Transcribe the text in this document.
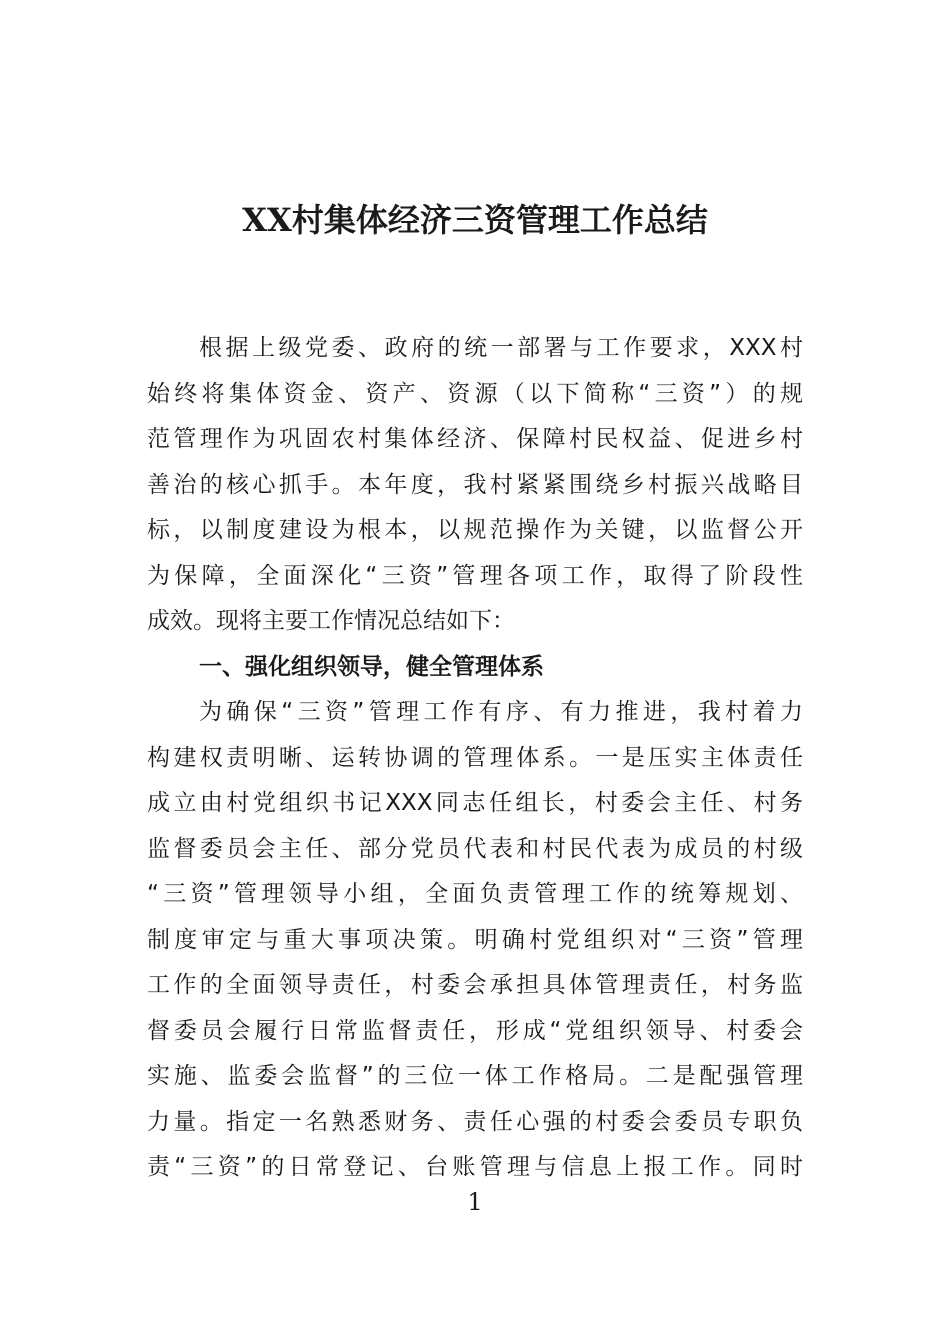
XX村集体经济三资管理工作总结
根据上级党委、政府的统一部署与工作要求，XXX村
始终将集体资金、资产、资源（以下简称“三资”）的规
范管理作为巩固农村集体经济、保障村民权益、促进乡村
善治的核心抓手。本年度，我村紧紧围绕乡村振兴战略目
标，以制度建设为根本，以规范操作为关键，以监督公开
为保障，全面深化“三资”管理各项工作，取得了阶段性
成效。现将主要工作情况总结如下：
一、强化组织领导，健全管理体系
为确保“三资”管理工作有序、有力推进，我村着力
构建权责明晰、运转协调的管理体系。一是压实主体责任
成立由村党组织书记XXX同志任组长，村委会主任、村务
监督委员会主任、部分党员代表和村民代表为成员的村级
“三资”管理领导小组，全面负责管理工作的统筹规划、
制度审定与重大事项决策。明确村党组织对“三资”管理
工作的全面领导责任，村委会承担具体管理责任，村务监
督委员会履行日常监督责任，形成“党组织领导、村委会
实施、监委会监督”的三位一体工作格局。二是配强管理
力量。指定一名熟悉财务、责任心强的村委会委员专职负
责“三资”的日常登记、台账管理与信息上报工作。同时
1
